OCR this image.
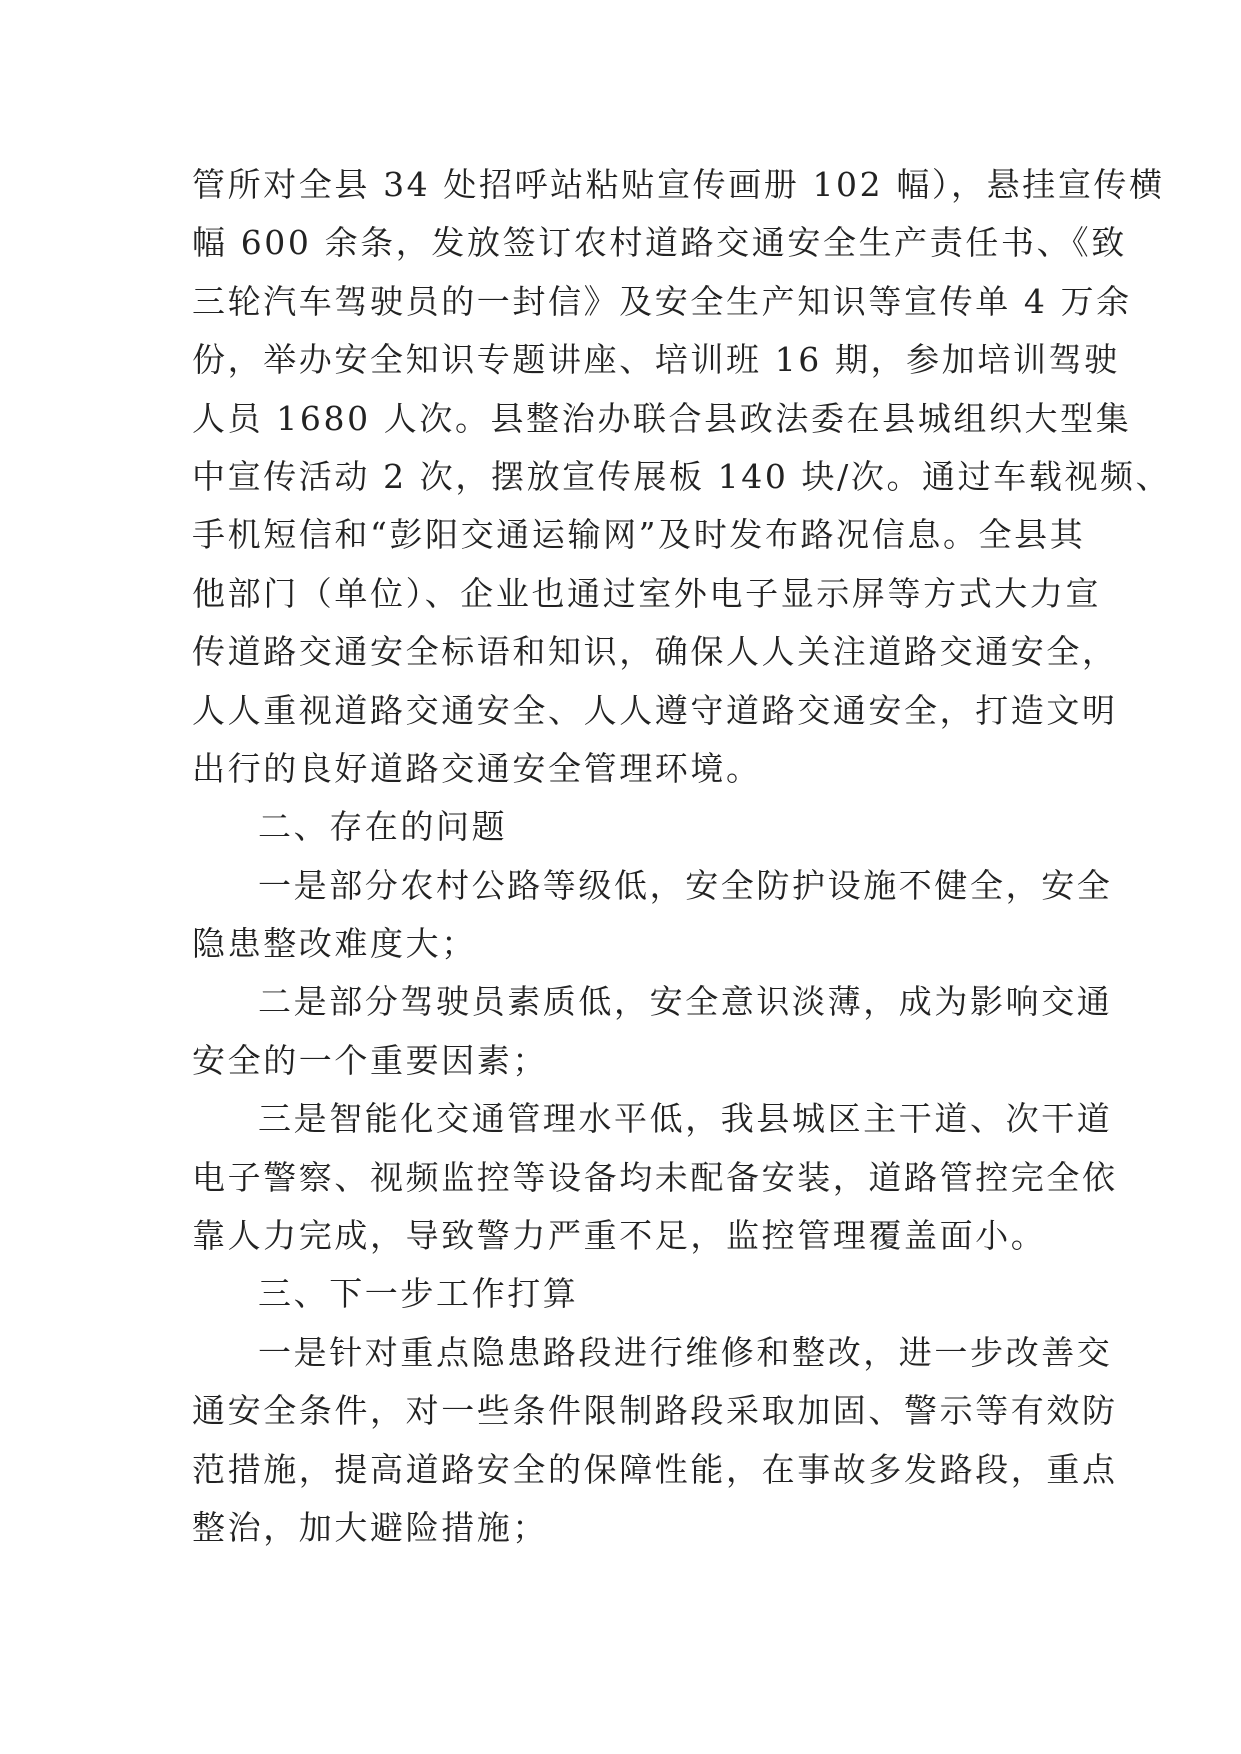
管所对全县 34 处招呼站粘贴宣传画册 102 幅），悬挂宣传横
幅 600 余条，发放签订农村道路交通安全生产责任书、《致
三轮汽车驾驶员的一封信》及安全生产知识等宣传单 4 万余
份，举办安全知识专题讲座、培训班 16 期，参加培训驾驶
人员 1680 人次。县整治办联合县政法委在县城组织大型集
中宣传活动 2 次，摆放宣传展板 140 块/次。通过车载视频、
手机短信和“彭阳交通运输网”及时发布路况信息。全县其
他部门（单位）、企业也通过室外电子显示屏等方式大力宣
传道路交通安全标语和知识，确保人人关注道路交通安全，
人人重视道路交通安全、人人遵守道路交通安全，打造文明
出行的良好道路交通安全管理环境。
二、存在的问题
一是部分农村公路等级低，安全防护设施不健全，安全
隐患整改难度大；
二是部分驾驶员素质低，安全意识淡薄，成为影响交通
安全的一个重要因素；
三是智能化交通管理水平低，我县城区主干道、次干道
电子警察、视频监控等设备均未配备安装，道路管控完全依
靠人力完成，导致警力严重不足，监控管理覆盖面小。
三、下一步工作打算
一是针对重点隐患路段进行维修和整改，进一步改善交
通安全条件，对一些条件限制路段采取加固、警示等有效防
范措施，提高道路安全的保障性能，在事故多发路段，重点
整治，加大避险措施；
